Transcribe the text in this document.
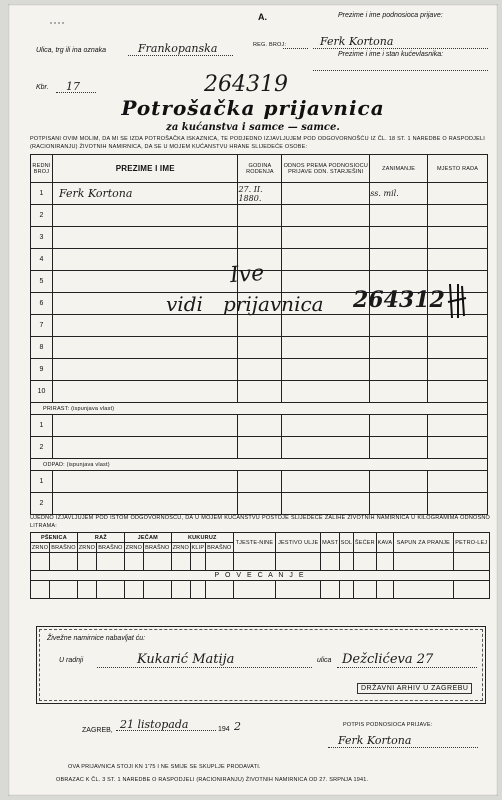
A.	Prezime i ime podnosioca prijave:
REG. BROJ:	Ferk Kortona
Prezime i ime i stan kućevlasnika:
Ulica, trg ili ina oznaka	Frankopanska
Kbr. 17	264319
Potrošačka prijavnica
za kućanstva i samce — samce.
POTPISANI OVIM MOLIM, DA MI SE IZDA POTROŠAČKA ISKAZNICA, TE PODJEDNO IZJAVLJUJEM POD ODGOVORNOŠĆU IZ ČL. 18 ST. 1 NAREDBE O RASPODJELI (RACIONIRANJU) ŽIVOTNIH NAMIRNICA, DA SE U MOJEM KUĆANSTVU HRANE SLIJEDEĆE OSOBE:
REDNI BROJ	PREZIME I IME	GODINA RODENJA	ODNOS PREMA PODNOSIOCU PRIJAVE ODN. STARJEŠINI	ZANIMANJE	MJESTO RADA
1	Ferk Kortona	27. II. 1880.		ss. mil.	
2					
3					
4					
5					
6					
7					
8					
9					
10					
PRIRAST: (ispunjava vlast)					
1					
2					
ODPAD: (ispunjava vlast)					
1					
2					
Ive
vidi prijavnica 264312
UJEDNO IZJAVLJUJEM POD ISTOM ODGOVORNOŠĆU, DA U MOJEM KUĆANSTVU POSTOJE SLIJEDEĆE ZALIHE ŽIVOTNIH NAMIRNICA U KILOGRAMIMA ODNOSNO LITRAMA:
PŠENICA		RAŽ		JEČAM		KUKURUZ			TJESTE-NINE	JESTIVO ULJE	MAST	SOL	ŠEĆER	KAVA	SAPUN ZA PRANJE	PETRO-LEJ
ZRNO	BRAŠNO	ZRNO	BRAŠNO	ZRNO	BRAŠNO	ZRNO	KLIP	BRAŠNO								

P O V E Ć A N J E																

Živežne namirnice nabavljat ću:
U radnji	Kukarić Matija	ulica Dežclićeva 27
DRŽAVNI ARHIV U ZAGREBU
ZAGREB, 21 listopada	194 2	POTPIS PODNOSIOCA PRIJAVE:
Ferk Kortona
OVA PRIJAVNICA STOJI KN 1'75 I NE SMIJE SE SKUPLJE PRODAVATI.
OBRAZAC K ČL. 3 ST. 1 NAREDBE O RASPODJELI (RACIONIRANJU) ŽIVOTNIH NAMIRNICA OD 27. SRPNJA 1941.
